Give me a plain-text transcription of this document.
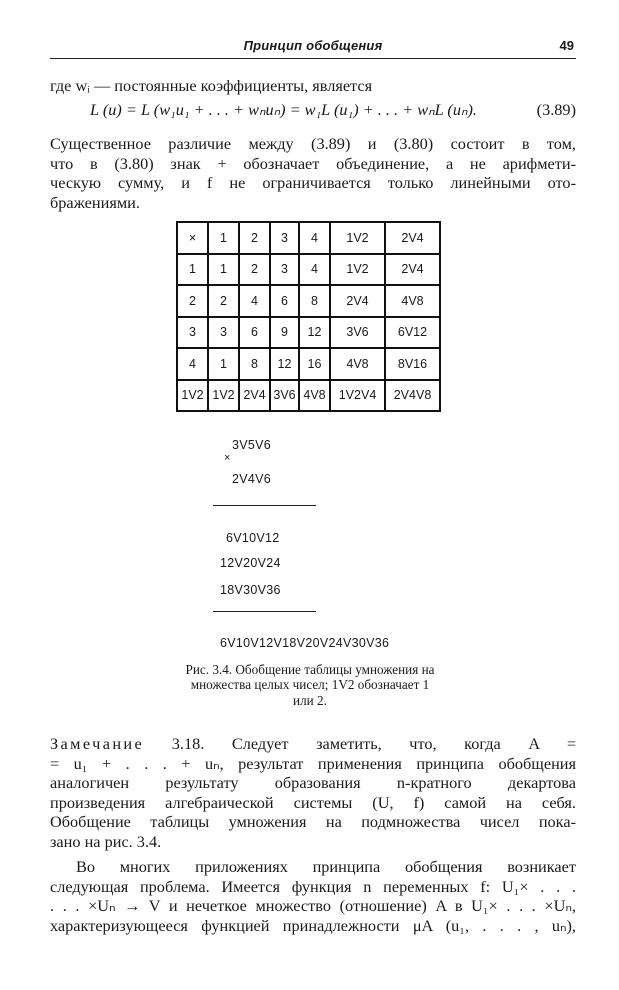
Принцип обобщения	49
где wᵢ — постоянные коэффициенты, является
L (u) = L (w₁u₁ + . . . + wₙuₙ) = w₁L (u₁) + . . . + wₙL (uₙ).	(3.89)
Существенное различие между (3.89) и (3.80) состоит в том,
что в (3.80) знак + обозначает объединение, а не арифмети-
ческую сумму, и f не ограничивается только линейными ото-
бражениями.
×	1	2	3	4	1V2	2V4
1	1	2	3	4	1V2	2V4
2	2	4	6	8	2V4	4V8
3	3	6	9	12	3V6	6V12
4	1	8	12	16	4V8	8V16
1V2	1V2	2V4	3V6	4V8	1V2V4	2V4V8
3V5V6
×
2V4V6
6V10V12
12V20V24
18V30V36
6V10V12V18V20V24V30V36
Рис. 3.4. Обобщение таблицы умножения на
множества целых чисел; 1V2 обозначает 1
или 2.
Замечание 3.18. Следует заметить, что, когда A =
= u₁ + . . . + uₙ, результат применения принципа обобщения
аналогичен результату образования n-кратного декартова
произведения алгебраической системы (U, f) самой на себя.
Обобщение таблицы умножения на подмножества чисел пока-
зано на рис. 3.4.
Во многих приложениях принципа обобщения возникает
следующая проблема. Имеется функция n переменных f: U₁× . . .
. . . ×Uₙ → V и нечеткое множество (отношение) A в U₁× . . . ×Uₙ,
характеризующееся функцией принадлежности μA (u₁, . . . , uₙ),
